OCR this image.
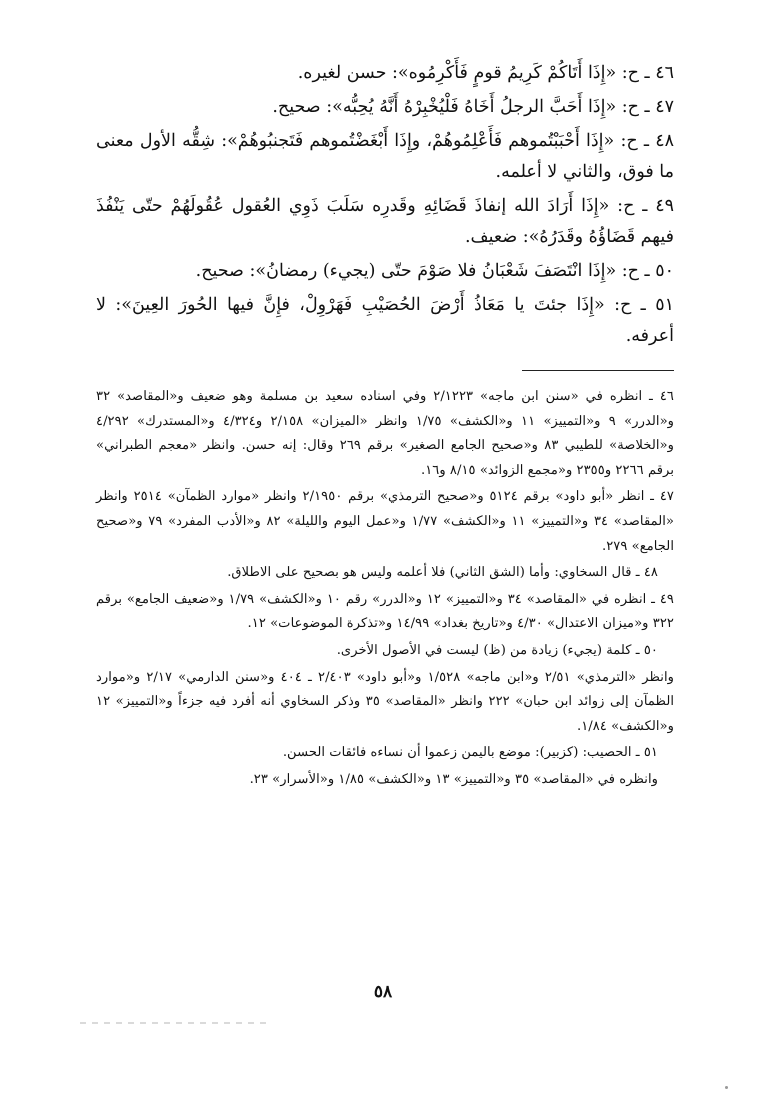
٤٦ ـ ح: «إِذَا أَتَاكُمْ كَرِيمُ قومٍ فَأَكْرِمُوه»: حسن لغيره.

٤٧ ـ ح: «إِذَا أَحَبَّ الرجلُ أَخَاهُ فَلْيُخْبِرْهُ أَنَّهُ يُحِبُّه»: صحيح.

٤٨ ـ ح: «إِذَا أَحْبَبْتُموهم فَأَعْلِمُوهُمْ، وإِذَا أَبْغَضْتُموهم فَتَجنبُوهُمْ»: شِقُّه الأول معنى ما فوق، والثاني لا أعلمه.

٤٩ ـ ح: «إِذَا أَرَادَ الله إنفاذَ قَضَائِهِ وقَدرِه سَلَبَ ذَوِي العُقول عُقُولَهُمْ حتّى يَنْفُذَ فيهم قَضَاؤُهُ وقَدَرُهُ»: ضعيف.

٥٠ ـ ح: «إِذَا انْتَصَفَ شَعْبَانُ فلا صَوْمَ حتّى (يجيء) رمضانُ»: صحيح.

٥١ ـ ح: «إِذَا جئتَ يا مَعَاذُ أَرْضَ الحُصَيْبِ فَهَرْوِلْ، فإِنَّ فيها الحُورَ العِينَ»: لا أعرفه.

٤٦ ـ انظره في «سنن ابن ماجه» ٢/١٢٢٣ وفي اسناده سعيد بن مسلمة وهو ضعيف و«المقاصد» ٣٢ و«الدرر» ٩ و«التمييز» ١١ و«الكشف» ١/٧٥ وانظر «الميزان» ٢/١٥٨ و٤/٣٢٤ و«المستدرك» ٤/٢٩٢ و«الخلاصة» للطيبي ٨٣ و«صحيح الجامع الصغير» برقم ٢٦٩ وقال: إنه حسن. وانظر «معجم الطبراني» برقم ٢٢٦٦ و٢٣٥٥ و«مجمع الزوائد» ٨/١٥ و١٦.

٤٧ ـ انظر «أبو داود» برقم ٥١٢٤ و«صحيح الترمذي» برقم ٢/١٩٥٠ وانظر «موارد الظمآن» ٢٥١٤ وانظر «المقاصد» ٣٤ و«التمييز» ١١ و«الكشف» ١/٧٧ و«عمل اليوم والليلة» ٨٢ و«الأدب المفرد» ٧٩ و«صحيح الجامع» ٢٧٩.

٤٨ ـ قال السخاوي: وأما (الشق الثاني) فلا أعلمه وليس هو بصحيح على الاطلاق.

٤٩ ـ انظره في «المقاصد» ٣٤ و«التمييز» ١٢ و«الدرر» رقم ١٠ و«الكشف» ١/٧٩ و«ضعيف الجامع» برقم ٣٢٢ و«ميزان الاعتدال» ٤/٣٠ و«تاريخ بغداد» ١٤/٩٩ و«تذكرة الموضوعات» ١٢.

٥٠ ـ كلمة (يجيء) زيادة من (ظ) ليست في الأصول الأخرى.

وانظر «الترمذي» ٢/٥١ و«ابن ماجه» ١/٥٢٨ و«أبو داود» ٢/٤٠٣ ـ ٤٠٤ و«سنن الدارمي» ٢/١٧ و«موارد الظمآن إلى زوائد ابن حبان» ٢٢٢ وانظر «المقاصد» ٣٥ وذكر السخاوي أنه أفرد فيه جزءاً و«التمييز» ١٢ و«الكشف» ١/٨٤.

٥١ ـ الحصيب: (كزبير): موضع باليمن زعموا أن نساءه فائقات الحسن.

وانظره في «المقاصد» ٣٥ و«التمييز» ١٣ و«الكشف» ١/٨٥ و«الأسرار» ٢٣.

٥٨
